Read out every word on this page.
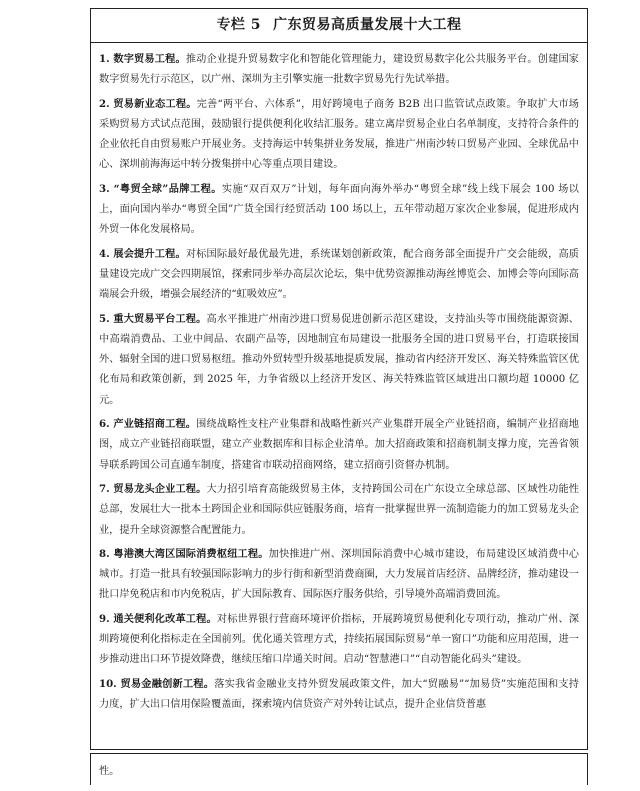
专栏 5 广东贸易高质量发展十大工程

1. 数字贸易工程。推动企业提升贸易数字化和智能化管理能力，建设贸易数字化公共服务平台。创建国家数字贸易先行示范区，以广州、深圳为主引擎实施一批数字贸易先行先试举措。

2. 贸易新业态工程。完善“两平台、六体系”，用好跨境电子商务 B2B 出口监管试点政策。争取扩大市场采购贸易方式试点范围，鼓励银行提供便利化收结汇服务。建立离岸贸易企业白名单制度，支持符合条件的企业依托自由贸易账户开展业务。支持海运中转集拼业务发展，推进广州南沙转口贸易产业园、全球优品中心、深圳前海海运中转分拨集拼中心等重点项目建设。

3. “粤贸全球”品牌工程。实施“双百双万”计划，每年面向海外举办“粤贸全球”线上线下展会 100 场以上，面向国内举办“粤贸全国”广货全国行经贸活动 100 场以上，五年带动超万家次企业参展，促进形成内外贸一体化发展格局。

4. 展会提升工程。对标国际最好最优最先进，系统谋划创新政策，配合商务部全面提升广交会能级，高质量建设完成广交会四期展馆，探索同步举办高层次论坛，集中优势资源推动海丝博览会、加博会等向国际高端展会升级，增强会展经济的“虹吸效应”。

5. 重大贸易平台工程。高水平推进广州南沙进口贸易促进创新示范区建设，支持汕头等市围绕能源资源、中高端消费品、工业中间品、农副产品等，因地制宜布局建设一批服务全国的进口贸易平台，打造联接国外、辐射全国的进口贸易枢纽。推动外贸转型升级基地提质发展，推动省内经济开发区、海关特殊监管区优化布局和政策创新，到 2025 年，力争省级以上经济开发区、海关特殊监管区域进出口额均超 10000 亿元。

6. 产业链招商工程。围绕战略性支柱产业集群和战略性新兴产业集群开展全产业链招商，编制产业招商地图，成立产业链招商联盟，建立产业数据库和目标企业清单。加大招商政策和招商机制支撑力度，完善省领导联系跨国公司直通车制度，搭建省市联动招商网络，建立招商引资督办机制。

7. 贸易龙头企业工程。大力招引培育高能级贸易主体，支持跨国公司在广东设立全球总部、区域性功能性总部，发展壮大一批本土跨国企业和国际供应链服务商，培育一批掌握世界一流制造能力的加工贸易龙头企业，提升全球资源整合配置能力。

8. 粤港澳大湾区国际消费枢纽工程。加快推进广州、深圳国际消费中心城市建设，布局建设区域消费中心城市。打造一批具有较强国际影响力的步行街和新型消费商圈，大力发展首店经济、品牌经济，推动建设一批口岸免税店和市内免税店，扩大国际教育、国际医疗服务供给，引导境外高端消费回流。

9. 通关便利化改革工程。对标世界银行营商环境评价指标，开展跨境贸易便利化专项行动，推动广州、深圳跨境便利化指标走在全国前列。优化通关管理方式，持续拓展国际贸易“单一窗口”功能和应用范围，进一步推动进出口环节提效降费，继续压缩口岸通关时间。启动“智慧港口”“自动智能化码头”建设。

10. 贸易金融创新工程。落实我省金融业支持外贸发展政策文件，加大“贸融易”“加易贷”实施范围和支持力度，扩大出口信用保险覆盖面，探索境内信贷资产对外转让试点，提升企业信贷普惠

性。
